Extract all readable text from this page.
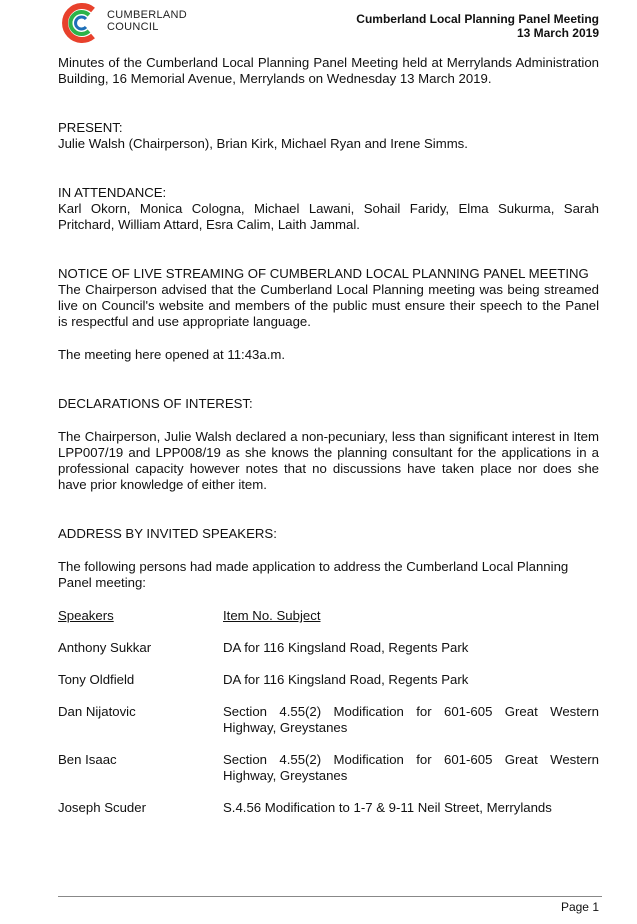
CUMBERLAND
COUNCIL
Cumberland Local Planning Panel Meeting
13 March 2019

Minutes of the Cumberland Local Planning Panel Meeting held at Merrylands Administration Building, 16 Memorial Avenue, Merrylands on Wednesday 13 March 2019.

PRESENT:

Julie Walsh (Chairperson), Brian Kirk, Michael Ryan and Irene Simms.

IN ATTENDANCE:

Karl Okorn, Monica Cologna, Michael Lawani, Sohail Faridy, Elma Sukurma, Sarah Pritchard, William Attard, Esra Calim, Laith Jammal.

NOTICE OF LIVE STREAMING OF CUMBERLAND LOCAL PLANNING PANEL MEETING

The Chairperson advised that the Cumberland Local Planning meeting was being streamed live on Council's website and members of the public must ensure their speech to the Panel is respectful and use appropriate language.

The meeting here opened at 11:43a.m.

DECLARATIONS OF INTEREST:

The Chairperson, Julie Walsh declared a non-pecuniary, less than significant interest in Item LPP007/19 and LPP008/19 as she knows the planning consultant for the applications in a professional capacity however notes that no discussions have taken place nor does she have prior knowledge of either item.

ADDRESS BY INVITED SPEAKERS:

The following persons had made application to address the Cumberland Local Planning Panel meeting:

Speakers	Item No. Subject
Anthony Sukkar	DA for 116 Kingsland Road, Regents Park
Tony Oldfield	DA for 116 Kingsland Road, Regents Park
Dan Nijatovic	Section 4.55(2) Modification for 601-605 Great Western Highway, Greystanes
Ben Isaac	Section 4.55(2) Modification for 601-605 Great Western Highway, Greystanes
Joseph Scuder	S.4.56 Modification to 1-7 & 9-11 Neil Street, Merrylands
Page 1
